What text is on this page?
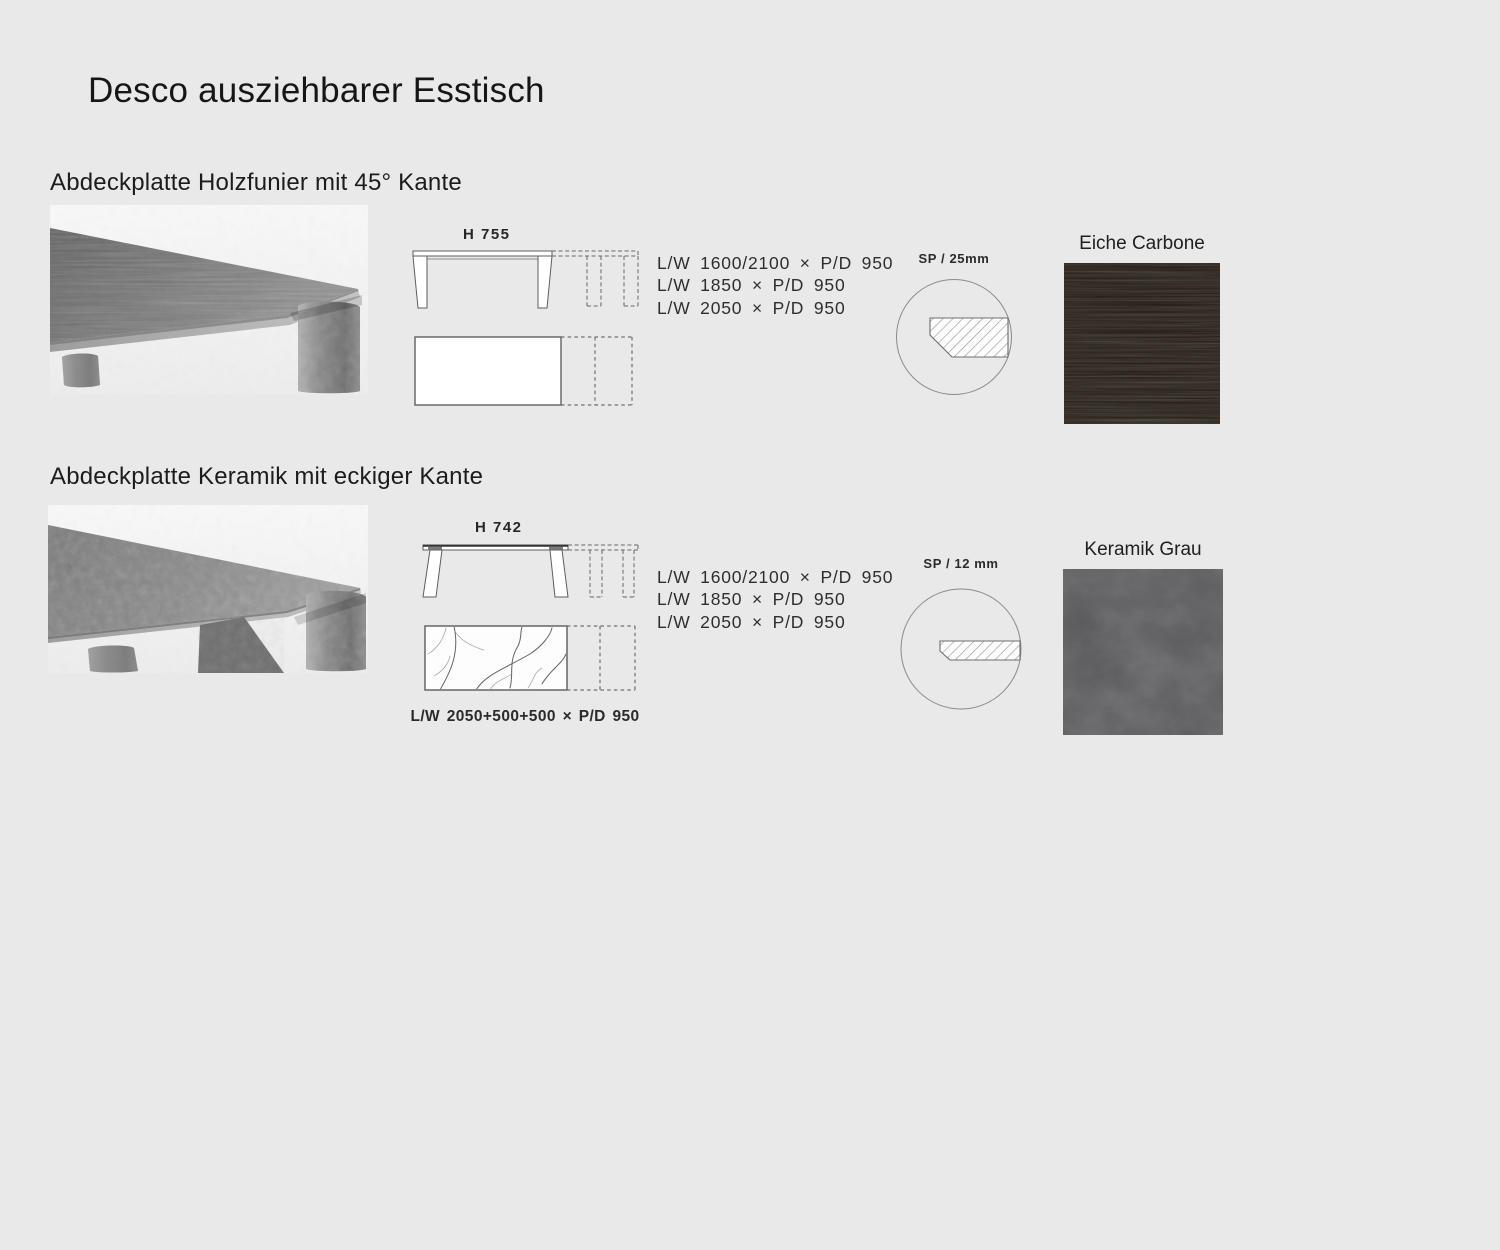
Desco ausziehbarer Esstisch
Abdeckplatte Holzfunier mit 45° Kante
H 755
L/W 1600/2100 × P/D 950
L/W 1850 × P/D 950
L/W 2050 × P/D 950
SP / 25mm
Eiche Carbone
Abdeckplatte Keramik mit eckiger Kante
H 742
L/W 2050+500+500 × P/D 950
L/W 1600/2100 × P/D 950
L/W 1850 × P/D 950
L/W 2050 × P/D 950
SP / 12 mm
Keramik Grau
